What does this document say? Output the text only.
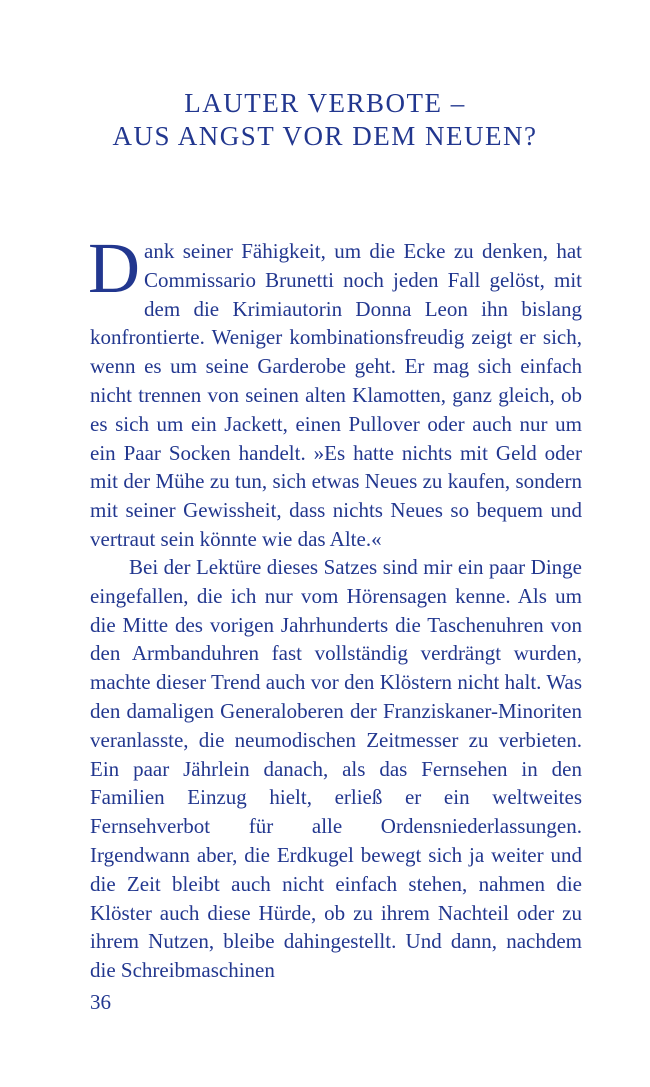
LAUTER VERBOTE –
AUS ANGST VOR DEM NEUEN?

Dank seiner Fähigkeit, um die Ecke zu denken, hat Commissario Brunetti noch jeden Fall gelöst, mit dem die Krimiautorin Donna Leon ihn bislang konfrontierte. Weniger kombinationsfreudig zeigt er sich, wenn es um seine Garderobe geht. Er mag sich einfach nicht trennen von seinen alten Klamotten, ganz gleich, ob es sich um ein Jackett, einen Pullover oder auch nur um ein Paar Socken handelt. »Es hatte nichts mit Geld oder mit der Mühe zu tun, sich etwas Neues zu kaufen, sondern mit seiner Gewissheit, dass nichts Neues so bequem und vertraut sein könnte wie das Alte.«

Bei der Lektüre dieses Satzes sind mir ein paar Dinge eingefallen, die ich nur vom Hörensagen kenne. Als um die Mitte des vorigen Jahrhunderts die Taschenuhren von den Armbanduhren fast vollständig verdrängt wurden, machte dieser Trend auch vor den Klöstern nicht halt. Was den damaligen Generaloberen der Franziskaner-Minoriten veranlasste, die neumodischen Zeitmesser zu verbieten. Ein paar Jährlein danach, als das Fernsehen in den Familien Einzug hielt, erließ er ein weltweites Fernsehverbot für alle Ordensniederlassungen. Irgendwann aber, die Erdkugel bewegt sich ja weiter und die Zeit bleibt auch nicht einfach stehen, nahmen die Klöster auch diese Hürde, ob zu ihrem Nachteil oder zu ihrem Nutzen, bleibe dahingestellt. Und dann, nachdem die Schreibmaschinen

36
